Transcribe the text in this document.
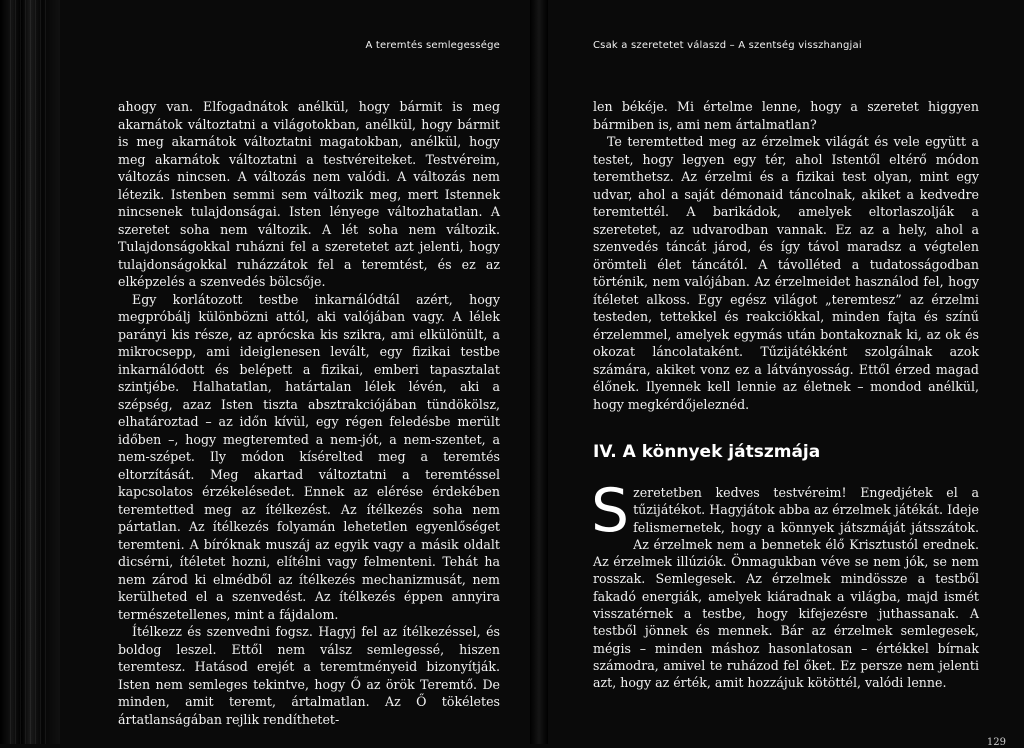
A teremtés semlegessége

ahogy van. Elfogadnátok anélkül, hogy bármit is meg akarnátok változtatni a világotokban, anélkül, hogy bármit is meg akarnátok változtatni magatokban, anélkül, hogy meg akarnátok változtatni a testvéreiteket. Testvéreim, változás nincsen. A változás nem valódi. A változás nem létezik. Istenben semmi sem változik meg, mert Istennek nincsenek tulajdonságai. Isten lényege változhatatlan. A szeretet soha nem változik. A lét soha nem változik. Tulajdonságokkal ruházni fel a szeretetet azt jelenti, hogy tulajdonságokkal ruházzátok fel a teremtést, és ez az elképzelés a szenvedés bölcsője.

Egy korlátozott testbe inkarnálódtál azért, hogy megpróbálj különbözni attól, aki valójában vagy. A lélek parányi kis része, az aprócska kis szikra, ami elkülönült, a mikrocsepp, ami ideiglenesen levált, egy fizikai testbe inkarnálódott és belépett a fizikai, emberi tapasztalat szintjébe. Halhatatlan, határtalan lélek lévén, aki a szépség, azaz Isten tiszta absztrakciójában tündökölsz, elhatároztad – az időn kívül, egy régen feledésbe merült időben –, hogy megteremted a nem-jót, a nem-szentet, a nem-szépet. Ily módon kísérelted meg a teremtés eltorzítását. Meg akartad változtatni a teremtéssel kapcsolatos érzékelésedet. Ennek az elérése érdekében teremtetted meg az ítélkezést. Az ítélkezés soha nem pártatlan. Az ítélkezés folyamán lehetetlen egyenlőséget teremteni. A bíróknak muszáj az egyik vagy a másik oldalt dicsérni, ítéletet hozni, elítélni vagy felmenteni. Tehát ha nem zárod ki elmédből az ítélkezés mechanizmusát, nem kerülheted el a szenvedést. Az ítélkezés éppen annyira természetellenes, mint a fájdalom.

Ítélkezz és szenvedni fogsz. Hagyj fel az ítélkezéssel, és boldog leszel. Ettől nem válsz semlegessé, hiszen teremtesz. Hatásod erejét a teremtményeid bizonyítják. Isten nem semleges tekintve, hogy Ő az örök Teremtő. De minden, amit teremt, ártalmatlan. Az Ő tökéletes ártatlanságában rejlik rendíthetet-

Csak a szeretetet válaszd – A szentség visszhangjai

len békéje. Mi értelme lenne, hogy a szeretet higgyen bármiben is, ami nem ártalmatlan?

Te teremtetted meg az érzelmek világát és vele együtt a testet, hogy legyen egy tér, ahol Istentől eltérő módon teremthetsz. Az érzelmi és a fizikai test olyan, mint egy udvar, ahol a saját démonaid táncolnak, akiket a kedvedre teremtettél. A barikádok, amelyek eltorlaszolják a szeretetet, az udvarodban vannak. Ez az a hely, ahol a szenvedés táncát járod, és így távol maradsz a végtelen örömteli élet táncától. A távolléted a tudatosságodban történik, nem valójában. Az érzelmeidet használod fel, hogy ítéletet alkoss. Egy egész világot „teremtesz” az érzelmi testeden, tettekkel és reakciókkal, minden fajta és színű érzelemmel, amelyek egymás után bontakoznak ki, az ok és okozat láncolataként. Tűzijátékként szolgálnak azok számára, akiket vonz ez a látványosság. Ettől érzed magad élőnek. Ilyennek kell lennie az életnek – mondod anélkül, hogy megkérdőjeleznéd.

IV. A könnyek játszmája
S zeretetben kedves testvéreim! Engedjétek el a tűzijátékot. Hagyjátok abba az érzelmek játékát. Ideje felismernetek, hogy a könnyek játszmáját játsszátok. Az érzelmek nem a bennetek élő Krisztustól erednek. Az érzelmek illúziók. Önmagukban véve se nem jók, se nem rosszak. Semlegesek. Az érzelmek mindössze a testből fakadó energiák, amelyek kiáradnak a világba, majd ismét visszatérnek a testbe, hogy kifejezésre juthassanak. A testből jönnek és mennek. Bár az érzelmek semlegesek, mégis – minden máshoz hasonlatosan – értékkel bírnak számodra, amivel te ruházod fel őket. Ez persze nem jelenti azt, hogy az érték, amit hozzájuk kötöttél, valódi lenne.

129
